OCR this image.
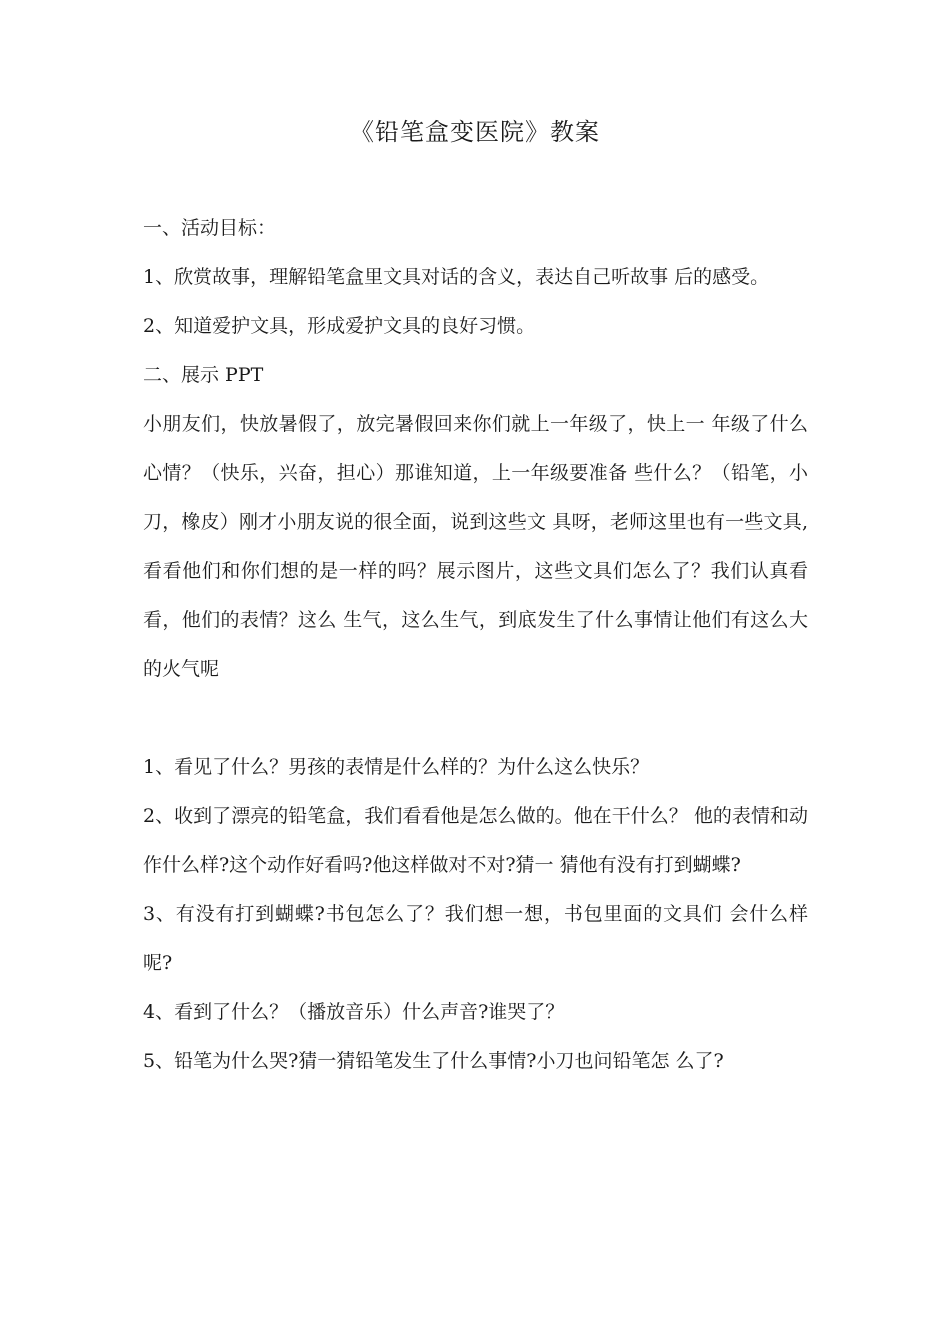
《铅笔盒变医院》教案

一、活动目标：

1、欣赏故事，理解铅笔盒里文具对话的含义，表达自己听故事 后的感受。

2、知道爱护文具，形成爱护文具的良好习惯。

二、展示 PPT

小朋友们，快放暑假了，放完暑假回来你们就上一年级了，快上一 年级了什么心情？（快乐，兴奋，担心）那谁知道，上一年级要准备 些什么？（铅笔，小刀，橡皮）刚才小朋友说的很全面，说到这些文 具呀，老师这里也有一些文具, 看看他们和你们想的是一样的吗？展示图片，这些文具们怎么了？我们认真看看，他们的表情？这么 生气，这么生气，到底发生了什么事情让他们有这么大的火气呢

1、看见了什么？男孩的表情是什么样的？为什么这么快乐？

2、收到了漂亮的铅笔盒，我们看看他是怎么做的。他在干什么？ 他的表情和动作什么样?这个动作好看吗?他这样做对不对?猜一 猜他有没有打到蝴蝶?

3、有没有打到蝴蝶?书包怎么了？我们想一想，书包里面的文具们 会什么样呢?

4、看到了什么？（播放音乐）什么声音?谁哭了？

5、铅笔为什么哭?猜一猜铅笔发生了什么事情?小刀也问铅笔怎 么了?
